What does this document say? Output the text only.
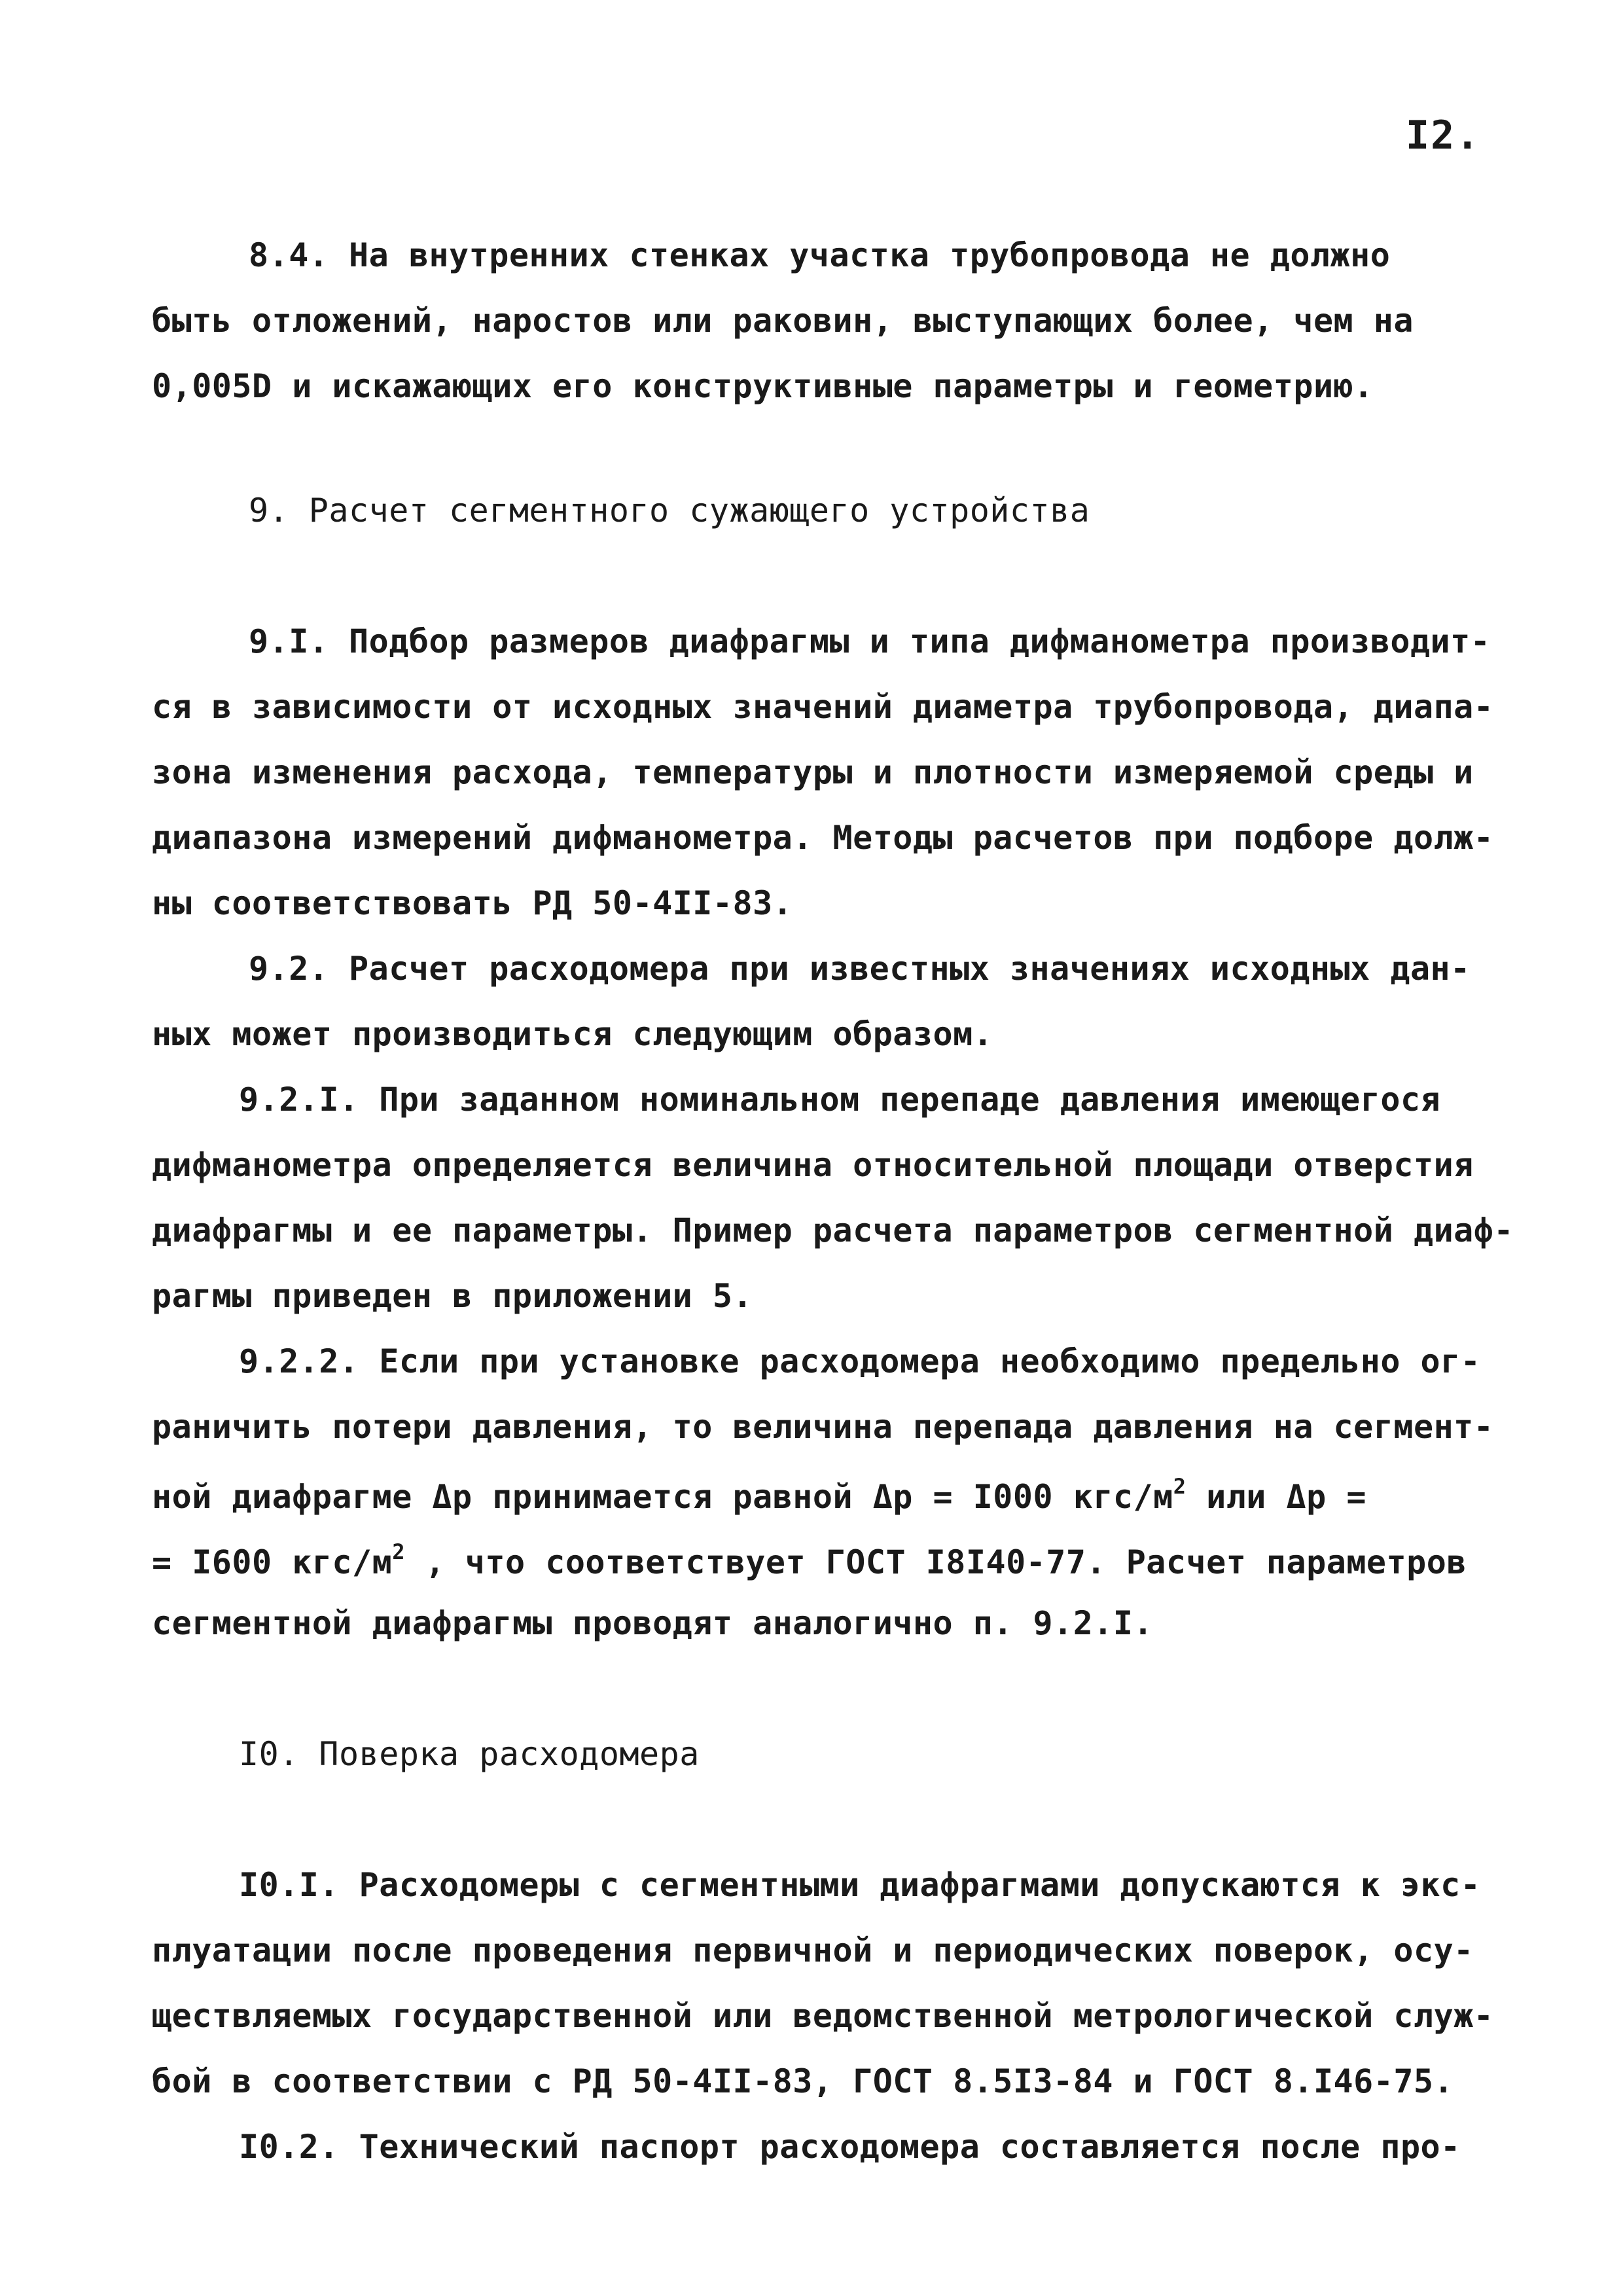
I2.
8.4. На внутренних стенках участка трубопровода не должно
быть отложений, наростов или раковин, выступающих более, чем на
0,005D и искажающих его конструктивные параметры и геометрию.
9. Расчет сегментного сужающего устройства
9.I. Подбор размеров диафрагмы и типа дифманометра производит-
ся в зависимости от исходных значений диаметра трубопровода, диапа-
зона изменения расхода, температуры и плотности измеряемой среды и
диапазона измерений дифманометра. Методы расчетов при подборе долж-
ны соответствовать РД 50-4II-83.
9.2. Расчет расходомера при известных значениях исходных дан-
ных может производиться следующим образом.
9.2.I. При заданном номинальном перепаде давления имеющегося
дифманометра определяется величина относительной площади отверстия
диафрагмы и ее параметры. Пример расчета параметров сегментной диаф-
рагмы приведен в приложении 5.
9.2.2. Если при установке расходомера необходимо предельно ог-
раничить потери давления, то величина перепада давления на сегмент-
ной диафрагме Δp принимается равной Δp = I000 кгс/$м^2$ или Δp =
= I600 кгс/$м^2$ , что соответствует ГОСТ I8I40-77. Расчет параметров
сегментной диафрагмы проводят аналогично п. 9.2.I.
I0. Поверка расходомера
I0.I. Расходомеры с сегментными диафрагмами допускаются к экс-
плуатации после проведения первичной и периодических поверок, осу-
ществляемых государственной или ведомственной метрологической служ-
бой в соответствии с РД 50-4II-83, ГОСТ 8.5I3-84 и ГОСТ 8.I46-75.
I0.2. Технический паспорт расходомера составляется после про-
